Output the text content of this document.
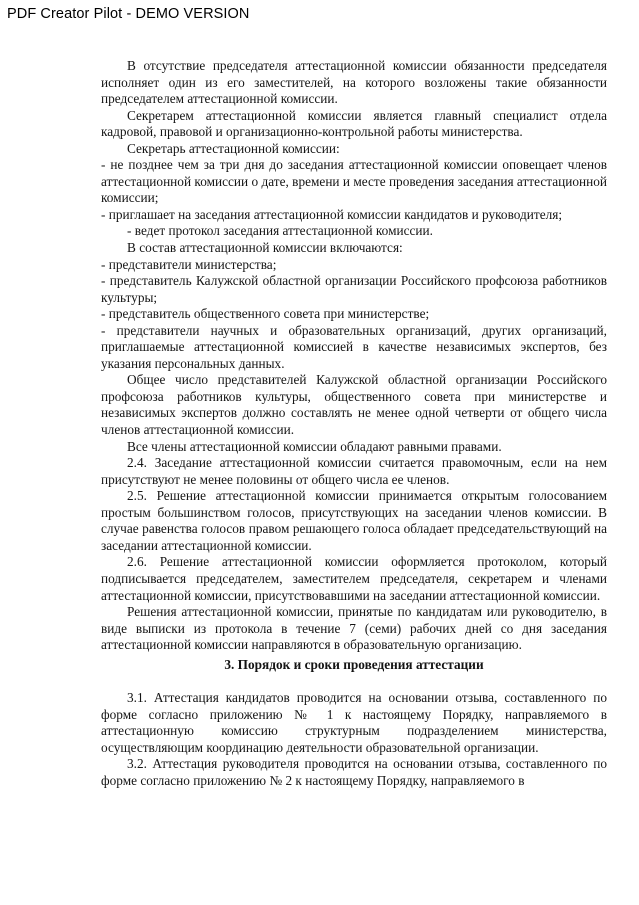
PDF Creator Pilot - DEMO VERSION

В отсутствие председателя аттестационной комиссии обязанности председателя исполняет один из его заместителей, на которого возложены такие обязанности председателем аттестационной комиссии.

Секретарем аттестационной комиссии является главный специалист отдела кадровой, правовой и организационно-контрольной работы министерства.

Секретарь аттестационной комиссии:

- не позднее чем за три дня до заседания аттестационной комиссии оповещает членов аттестационной комиссии о дате, времени и месте проведения заседания аттестационной комиссии;

- приглашает на заседания аттестационной комиссии кандидатов и руководителя;

- ведет протокол заседания аттестационной комиссии.

В состав аттестационной комиссии включаются:

- представители министерства;

- представитель Калужской областной организации Российского профсоюза работников культуры;

- представитель общественного совета при министерстве;

- представители научных и образовательных организаций, других организаций, приглашаемые аттестационной комиссией в качестве независимых экспертов, без указания персональных данных.

Общее число представителей Калужской областной организации Российского профсоюза работников культуры, общественного совета при министерстве и независимых экспертов должно составлять не менее одной четверти от общего числа членов аттестационной комиссии.

Все члены аттестационной комиссии обладают равными правами.

2.4. Заседание аттестационной комиссии считается правомочным, если на нем присутствуют не менее половины от общего числа ее членов.

2.5. Решение аттестационной комиссии принимается открытым голосованием простым большинством голосов, присутствующих на заседании членов комиссии. В случае равенства голосов правом решающего голоса обладает председательствующий на заседании аттестационной комиссии.

2.6. Решение аттестационной комиссии оформляется протоколом, который подписывается председателем, заместителем председателя, секретарем и членами аттестационной комиссии, присутствовавшими на заседании аттестационной комиссии.

Решения аттестационной комиссии, принятые по кандидатам или руководителю, в виде выписки из протокола в течение 7 (семи) рабочих дней со дня заседания аттестационной комиссии направляются в образовательную организацию.

3. Порядок и сроки проведения аттестации

3.1. Аттестация кандидатов проводится на основании отзыва, составленного по форме согласно приложению № 1 к настоящему Порядку, направляемого в аттестационную комиссию структурным подразделением министерства, осуществляющим координацию деятельности образовательной организации.

3.2. Аттестация руководителя проводится на основании отзыва, составленного по форме согласно приложению № 2 к настоящему Порядку, направляемого в
